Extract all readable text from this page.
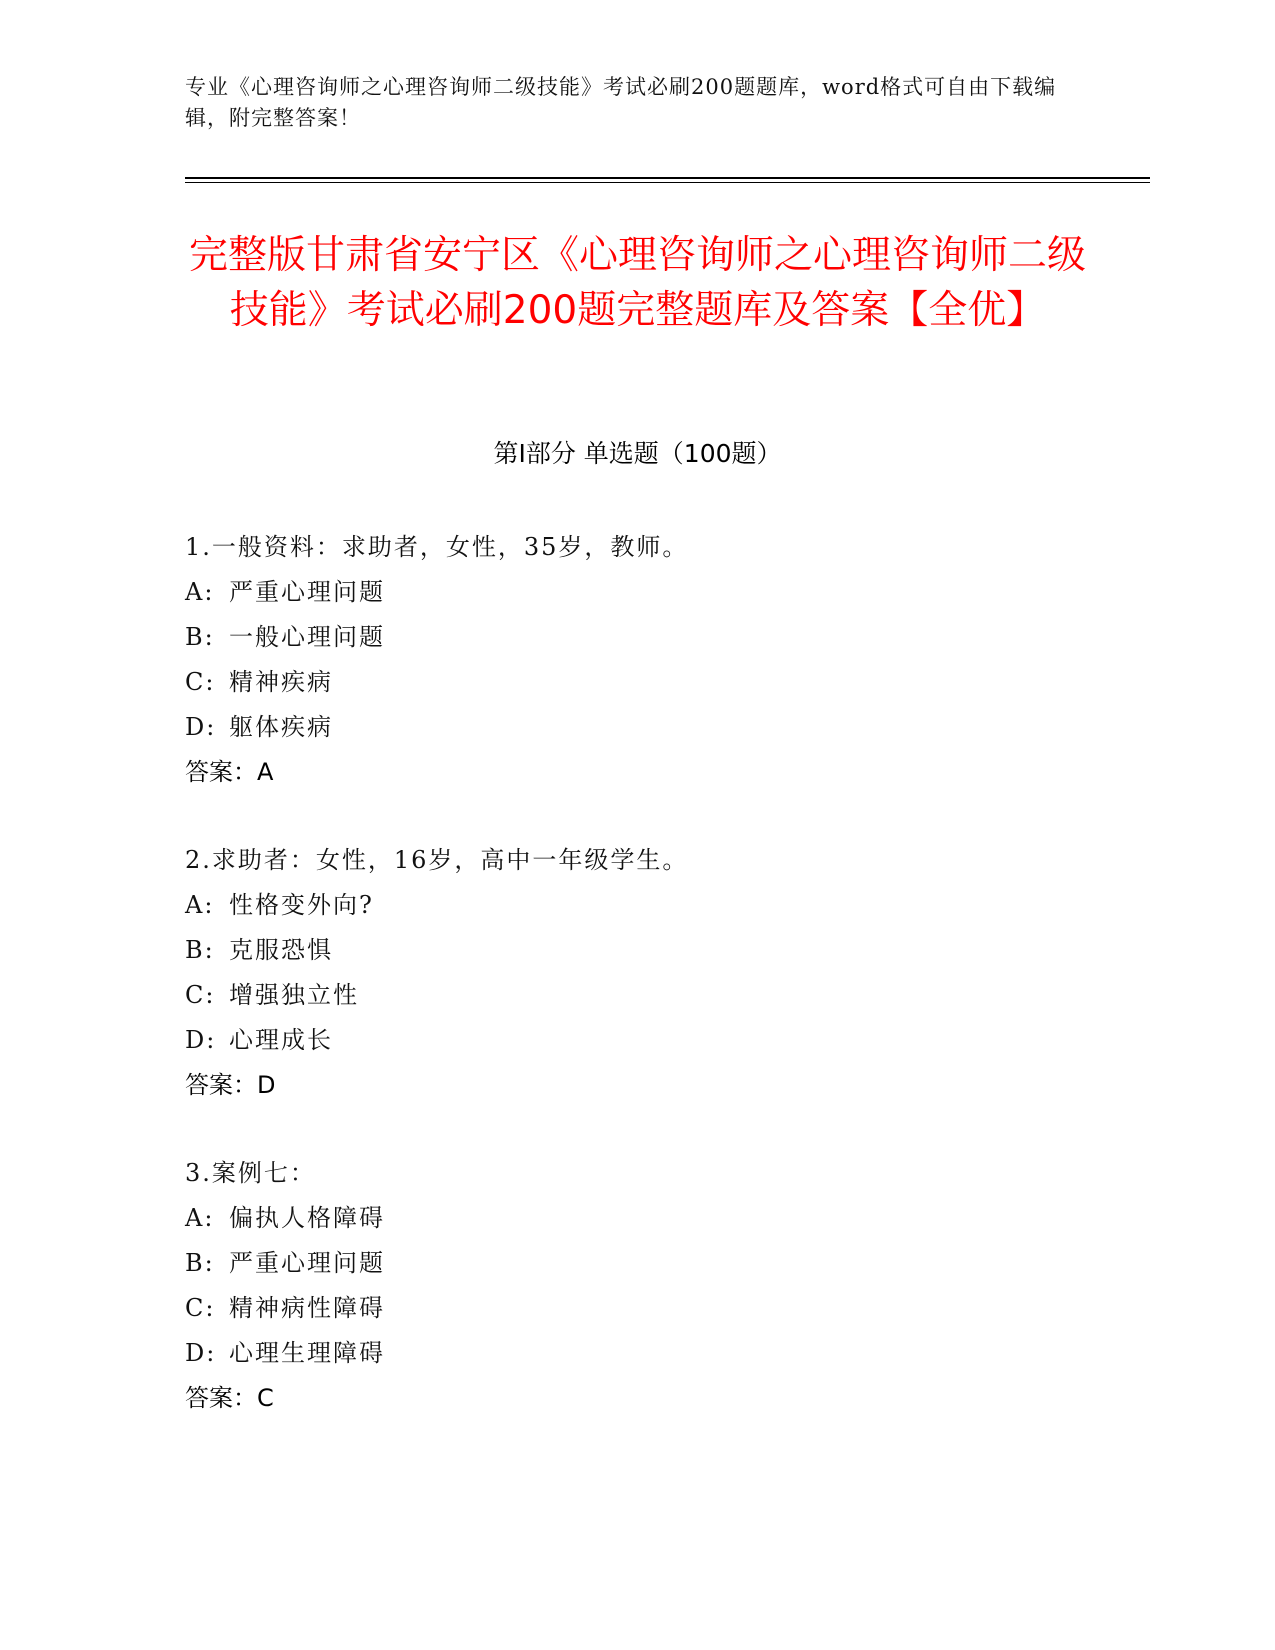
专业《心理咨询师之心理咨询师二级技能》考试必刷200题题库，word格式可自由下载编辑，附完整答案！
完整版甘肃省安宁区《心理咨询师之心理咨询师二级技能》考试必刷200题完整题库及答案【全优】
第Ⅰ部分 单选题（100题）
1.一般资料：求助者，女性，35岁，教师。
A: 严重心理问题
B: 一般心理问题
C: 精神疾病
D: 躯体疾病
答案：A
2.求助者：女性，16岁，高中一年级学生。
A: 性格变外向?
B: 克服恐惧
C: 增强独立性
D: 心理成长
答案：D
3.案例七：
A: 偏执人格障碍
B: 严重心理问题
C: 精神病性障碍
D: 心理生理障碍
答案：C
